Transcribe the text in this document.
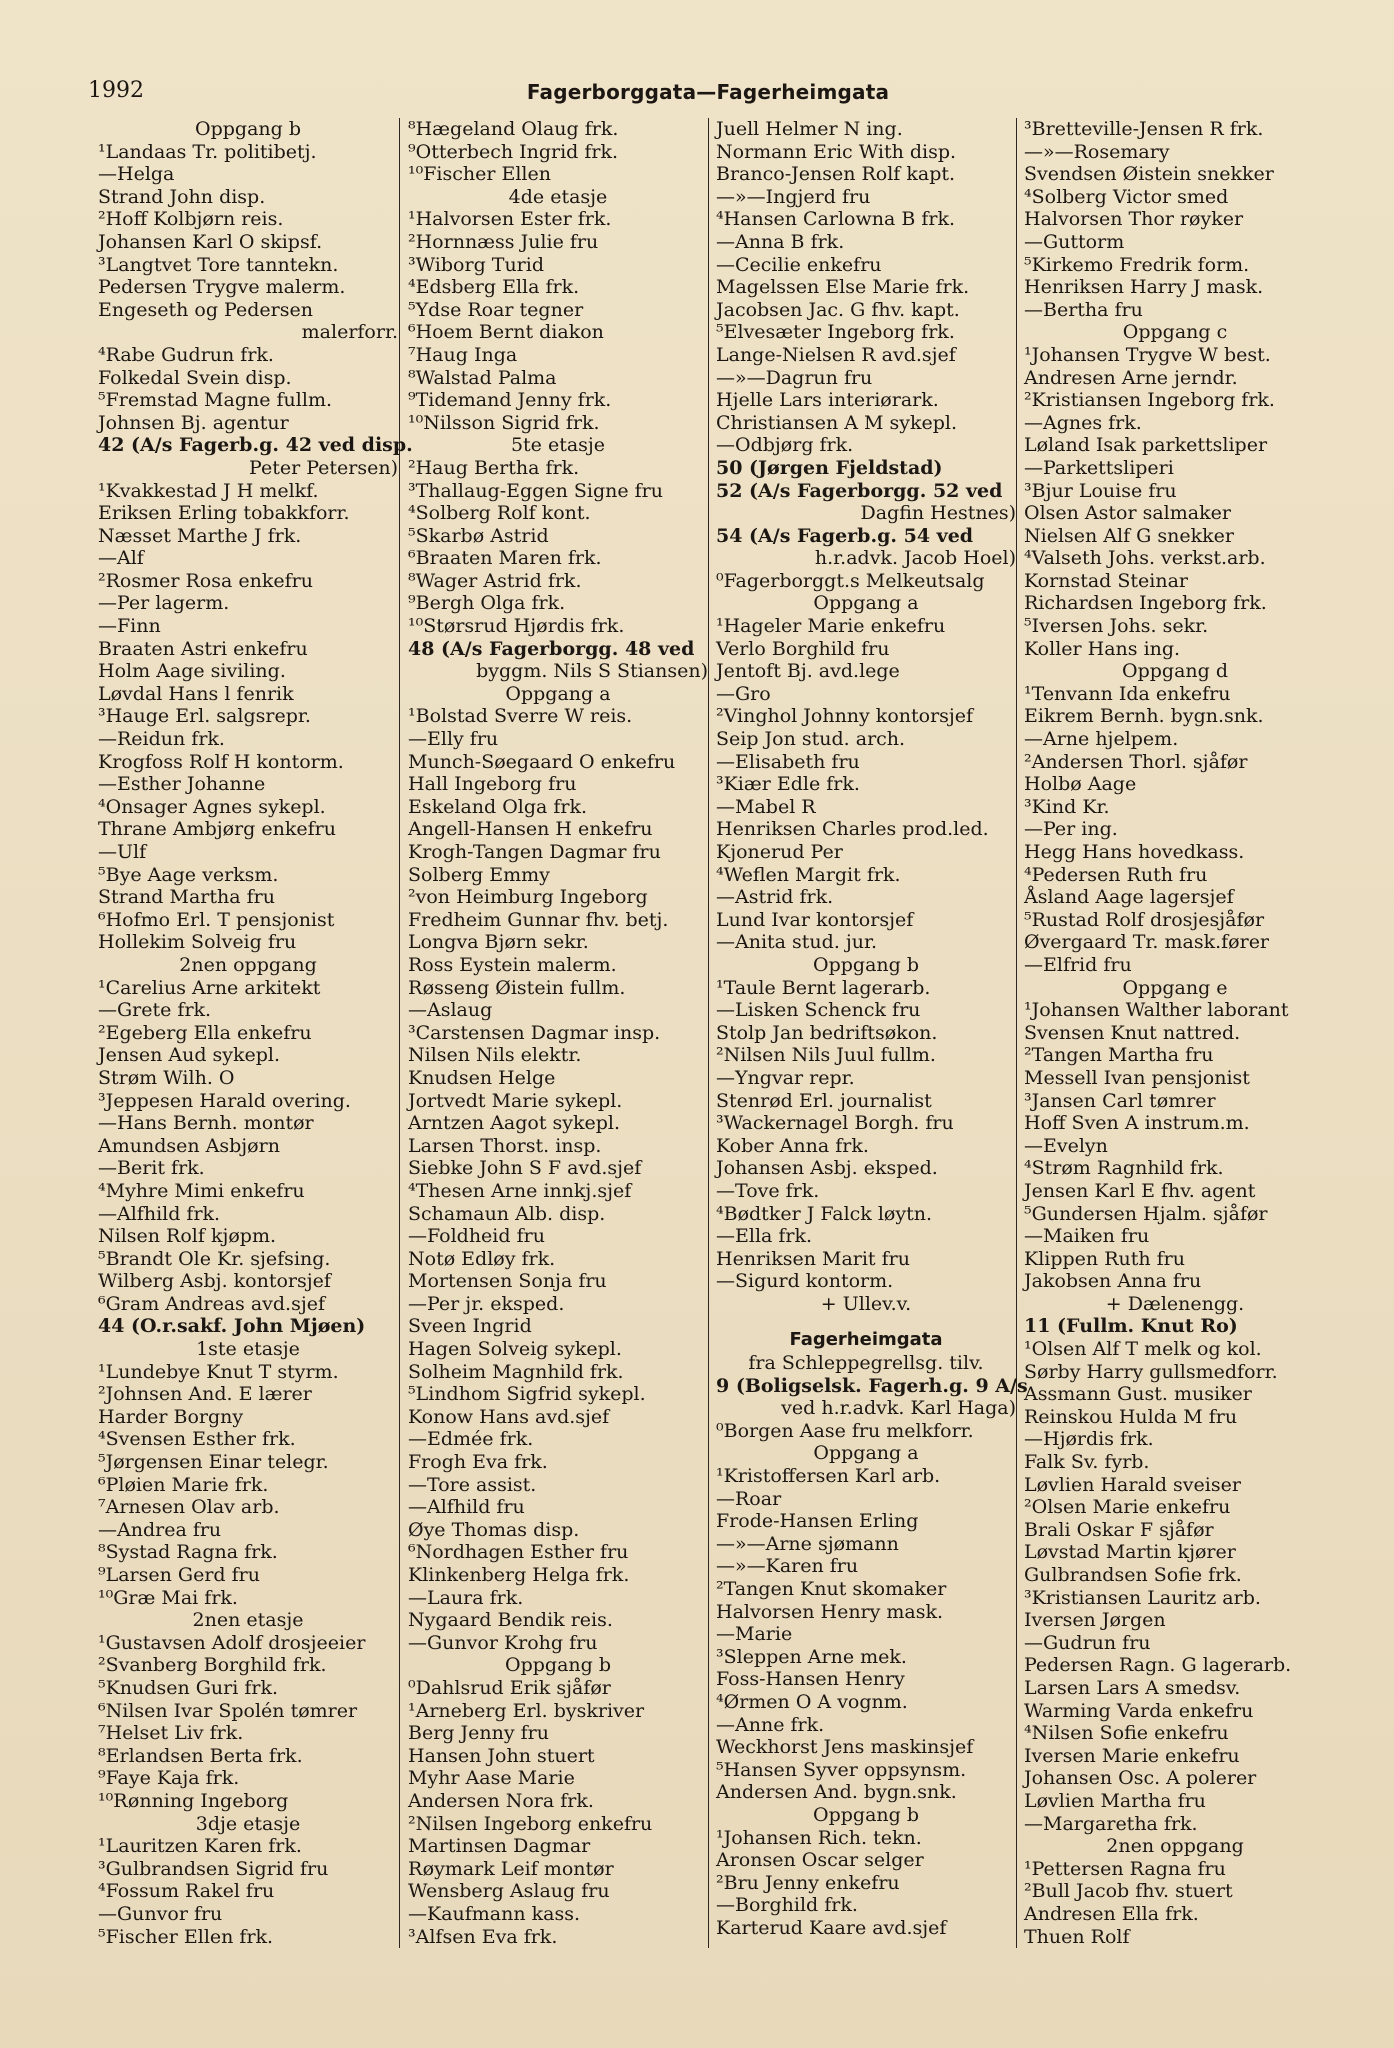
1992	Fagerborggata—Fagerheimgata
Oppgang b
¹Landaas Tr. politibetj.
—Helga
Strand John disp.
²Hoff Kolbjørn reis.
Johansen Karl O skipsf.
³Langtvet Tore tanntekn.
Pedersen Trygve malerm.
Engeseth og Pedersen
malerforr.
⁴Rabe Gudrun frk.
Folkedal Svein disp.
⁵Fremstad Magne fullm.
Johnsen Bj. agentur
42 (A/s Fagerb.g. 42 ved disp.
Peter Petersen)
¹Kvakkestad J H melkf.
Eriksen Erling tobakkforr.
Næsset Marthe J frk.
—Alf
²Rosmer Rosa enkefru
—Per lagerm.
—Finn
Braaten Astri enkefru
Holm Aage siviling.
Løvdal Hans l fenrik
³Hauge Erl. salgsrepr.
—Reidun frk.
Krogfoss Rolf H kontorm.
—Esther Johanne
⁴Onsager Agnes sykepl.
Thrane Ambjørg enkefru
—Ulf
⁵Bye Aage verksm.
Strand Martha fru
⁶Hofmo Erl. T pensjonist
Hollekim Solveig fru
2nen oppgang
¹Carelius Arne arkitekt
—Grete frk.
²Egeberg Ella enkefru
Jensen Aud sykepl.
Strøm Wilh. O
³Jeppesen Harald overing.
—Hans Bernh. montør
Amundsen Asbjørn
—Berit frk.
⁴Myhre Mimi enkefru
—Alfhild frk.
Nilsen Rolf kjøpm.
⁵Brandt Ole Kr. sjefsing.
Wilberg Asbj. kontorsjef
⁶Gram Andreas avd.sjef
44 (O.r.sakf. John Mjøen)
1ste etasje
¹Lundebye Knut T styrm.
²Johnsen And. E lærer
Harder Borgny
⁴Svensen Esther frk.
⁵Jørgensen Einar telegr.
⁶Pløien Marie frk.
⁷Arnesen Olav arb.
—Andrea fru
⁸Systad Ragna frk.
⁹Larsen Gerd fru
¹⁰Græ Mai frk.
2nen etasje
¹Gustavsen Adolf drosjeeier
²Svanberg Borghild frk.
⁵Knudsen Guri frk.
⁶Nilsen Ivar Spolén tømrer
⁷Helset Liv frk.
⁸Erlandsen Berta frk.
⁹Faye Kaja frk.
¹⁰Rønning Ingeborg
3dje etasje
¹Lauritzen Karen frk.
³Gulbrandsen Sigrid fru
⁴Fossum Rakel fru
—Gunvor fru
⁵Fischer Ellen frk.
⁸Hægeland Olaug frk.
⁹Otterbech Ingrid frk.
¹⁰Fischer Ellen
4de etasje
¹Halvorsen Ester frk.
²Hornnæss Julie fru
³Wiborg Turid
⁴Edsberg Ella frk.
⁵Ydse Roar tegner
⁶Hoem Bernt diakon
⁷Haug Inga
⁸Walstad Palma
⁹Tidemand Jenny frk.
¹⁰Nilsson Sigrid frk.
5te etasje
²Haug Bertha frk.
³Thallaug-Eggen Signe fru
⁴Solberg Rolf kont.
⁵Skarbø Astrid
⁶Braaten Maren frk.
⁸Wager Astrid frk.
⁹Bergh Olga frk.
¹⁰Størsrud Hjørdis frk.
48 (A/s Fagerborgg. 48 ved
byggm. Nils S Stiansen)
Oppgang a
¹Bolstad Sverre W reis.
—Elly fru
Munch-Søegaard O enkefru
Hall Ingeborg fru
Eskeland Olga frk.
Angell-Hansen H enkefru
Krogh-Tangen Dagmar fru
Solberg Emmy
²von Heimburg Ingeborg
Fredheim Gunnar fhv. betj.
Longva Bjørn sekr.
Ross Eystein malerm.
Røsseng Øistein fullm.
—Aslaug
³Carstensen Dagmar insp.
Nilsen Nils elektr.
Knudsen Helge
Jortvedt Marie sykepl.
Arntzen Aagot sykepl.
Larsen Thorst. insp.
Siebke John S F avd.sjef
⁴Thesen Arne innkj.sjef
Schamaun Alb. disp.
—Foldheid fru
Notø Edløy frk.
Mortensen Sonja fru
—Per jr. eksped.
Sveen Ingrid
Hagen Solveig sykepl.
Solheim Magnhild frk.
⁵Lindhom Sigfrid sykepl.
Konow Hans avd.sjef
—Edmée frk.
Frogh Eva frk.
—Tore assist.
—Alfhild fru
Øye Thomas disp.
⁶Nordhagen Esther fru
Klinkenberg Helga frk.
—Laura frk.
Nygaard Bendik reis.
—Gunvor Krohg fru
Oppgang b
⁰Dahlsrud Erik sjåfør
¹Arneberg Erl. byskriver
Berg Jenny fru
Hansen John stuert
Myhr Aase Marie
Andersen Nora frk.
²Nilsen Ingeborg enkefru
Martinsen Dagmar
Røymark Leif montør
Wensberg Aslaug fru
—Kaufmann kass.
³Alfsen Eva frk.
Juell Helmer N ing.
Normann Eric With disp.
Branco-Jensen Rolf kapt.
—»—Ingjerd fru
⁴Hansen Carlowna B frk.
—Anna B frk.
—Cecilie enkefru
Magelssen Else Marie frk.
Jacobsen Jac. G fhv. kapt.
⁵Elvesæter Ingeborg frk.
Lange-Nielsen R avd.sjef
—»—Dagrun fru
Hjelle Lars interiørark.
Christiansen A M sykepl.
—Odbjørg frk.
50 (Jørgen Fjeldstad)
52 (A/s Fagerborgg. 52 ved
Dagfin Hestnes)
54 (A/s Fagerb.g. 54 ved
h.r.advk. Jacob Hoel)
⁰Fagerborggt.s Melkeutsalg
Oppgang a
¹Hageler Marie enkefru
Verlo Borghild fru
Jentoft Bj. avd.lege
—Gro
²Vinghol Johnny kontorsjef
Seip Jon stud. arch.
—Elisabeth fru
³Kiær Edle frk.
—Mabel R
Henriksen Charles prod.led.
Kjonerud Per
⁴Weflen Margit frk.
—Astrid frk.
Lund Ivar kontorsjef
—Anita stud. jur.
Oppgang b
¹Taule Bernt lagerarb.
—Lisken Schenck fru
Stolp Jan bedriftsøkon.
²Nilsen Nils Juul fullm.
—Yngvar repr.
Stenrød Erl. journalist
³Wackernagel Borgh. fru
Kober Anna frk.
Johansen Asbj. eksped.
—Tove frk.
⁴Bødtker J Falck løytn.
—Ella frk.
Henriksen Marit fru
—Sigurd kontorm.
+ Ullev.v.
Fagerheimgata
fra Schleppegrellsg. tilv.
9 (Boligselsk. Fagerh.g. 9 A/s
ved h.r.advk. Karl Haga)
⁰Borgen Aase fru melkforr.
Oppgang a
¹Kristoffersen Karl arb.
—Roar
Frode-Hansen Erling
—»—Arne sjømann
—»—Karen fru
²Tangen Knut skomaker
Halvorsen Henry mask.
—Marie
³Sleppen Arne mek.
Foss-Hansen Henry
⁴Ørmen O A vognm.
—Anne frk.
Weckhorst Jens maskinsjef
⁵Hansen Syver oppsynsm.
Andersen And. bygn.snk.
Oppgang b
¹Johansen Rich. tekn.
Aronsen Oscar selger
²Bru Jenny enkefru
—Borghild frk.
Karterud Kaare avd.sjef
³Bretteville-Jensen R frk.
—»—Rosemary
Svendsen Øistein snekker
⁴Solberg Victor smed
Halvorsen Thor røyker
—Guttorm
⁵Kirkemo Fredrik form.
Henriksen Harry J mask.
—Bertha fru
Oppgang c
¹Johansen Trygve W best.
Andresen Arne jerndr.
²Kristiansen Ingeborg frk.
—Agnes frk.
Løland Isak parkettsliper
—Parkettsliperi
³Bjur Louise fru
Olsen Astor salmaker
Nielsen Alf G snekker
⁴Valseth Johs. verkst.arb.
Kornstad Steinar
Richardsen Ingeborg frk.
⁵Iversen Johs. sekr.
Koller Hans ing.
Oppgang d
¹Tenvann Ida enkefru
Eikrem Bernh. bygn.snk.
—Arne hjelpem.
²Andersen Thorl. sjåfør
Holbø Aage
³Kind Kr.
—Per ing.
Hegg Hans hovedkass.
⁴Pedersen Ruth fru
Åsland Aage lagersjef
⁵Rustad Rolf drosjesjåfør
Øvergaard Tr. mask.fører
—Elfrid fru
Oppgang e
¹Johansen Walther laborant
Svensen Knut nattred.
²Tangen Martha fru
Messell Ivan pensjonist
³Jansen Carl tømrer
Hoff Sven A instrum.m.
—Evelyn
⁴Strøm Ragnhild frk.
Jensen Karl E fhv. agent
⁵Gundersen Hjalm. sjåfør
—Maiken fru
Klippen Ruth fru
Jakobsen Anna fru
+ Dælenengg.
11 (Fullm. Knut Ro)
¹Olsen Alf T melk og kol.
Sørby Harry gullsmedforr.
Assmann Gust. musiker
Reinskou Hulda M fru
—Hjørdis frk.
Falk Sv. fyrb.
Løvlien Harald sveiser
²Olsen Marie enkefru
Brali Oskar F sjåfør
Løvstad Martin kjører
Gulbrandsen Sofie frk.
³Kristiansen Lauritz arb.
Iversen Jørgen
—Gudrun fru
Pedersen Ragn. G lagerarb.
Larsen Lars A smedsv.
Warming Varda enkefru
⁴Nilsen Sofie enkefru
Iversen Marie enkefru
Johansen Osc. A polerer
Løvlien Martha fru
—Margaretha frk.
2nen oppgang
¹Pettersen Ragna fru
²Bull Jacob fhv. stuert
Andresen Ella frk.
Thuen Rolf
